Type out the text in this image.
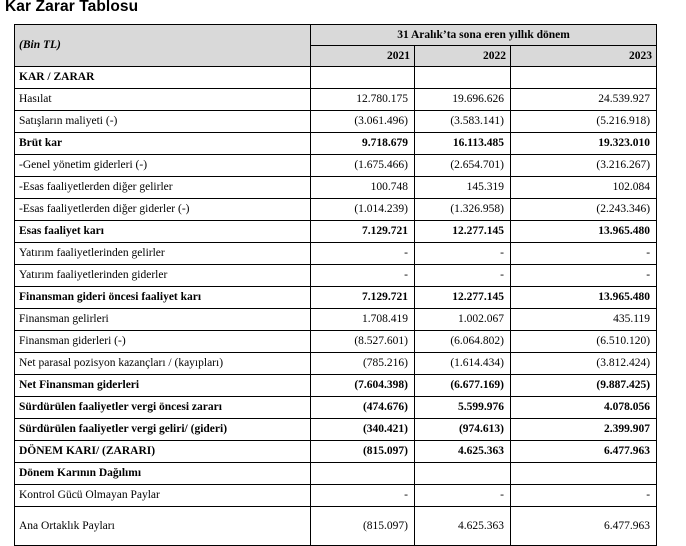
Kar Zarar Tablosu
(Bin TL)	31 Aralık’ta sona eren yıllık dönem		
	2021	2022	2023
KAR / ZARAR			
Hasılat	12.780.175	19.696.626	24.539.927
Satışların maliyeti (-)	(3.061.496)	(3.583.141)	(5.216.918)
Brüt kar	9.718.679	16.113.485	19.323.010
-Genel yönetim giderleri (-)	(1.675.466)	(2.654.701)	(3.216.267)
-Esas faaliyetlerden diğer gelirler	100.748	145.319	102.084
-Esas faaliyetlerden diğer giderler (-)	(1.014.239)	(1.326.958)	(2.243.346)
Esas faaliyet karı	7.129.721	12.277.145	13.965.480
Yatırım faaliyetlerinden gelirler	-	-	-
Yatırım faaliyetlerinden giderler	-	-	-
Finansman gideri öncesi faaliyet karı	7.129.721	12.277.145	13.965.480
Finansman gelirleri	1.708.419	1.002.067	435.119
Finansman giderleri (-)	(8.527.601)	(6.064.802)	(6.510.120)
Net parasal pozisyon kazançları / (kayıpları)	(785.216)	(1.614.434)	(3.812.424)
Net Finansman giderleri	(7.604.398)	(6.677.169)	(9.887.425)
Sürdürülen faaliyetler vergi öncesi zararı	(474.676)	5.599.976	4.078.056
Sürdürülen faaliyetler vergi geliri/ (gideri)	(340.421)	(974.613)	2.399.907
DÖNEM KARI/ (ZARARI)	(815.097)	4.625.363	6.477.963
Dönem Karının Dağılımı			
Kontrol Gücü Olmayan Paylar	-	-	-
Ana Ortaklık Payları	(815.097)	4.625.363	6.477.963
